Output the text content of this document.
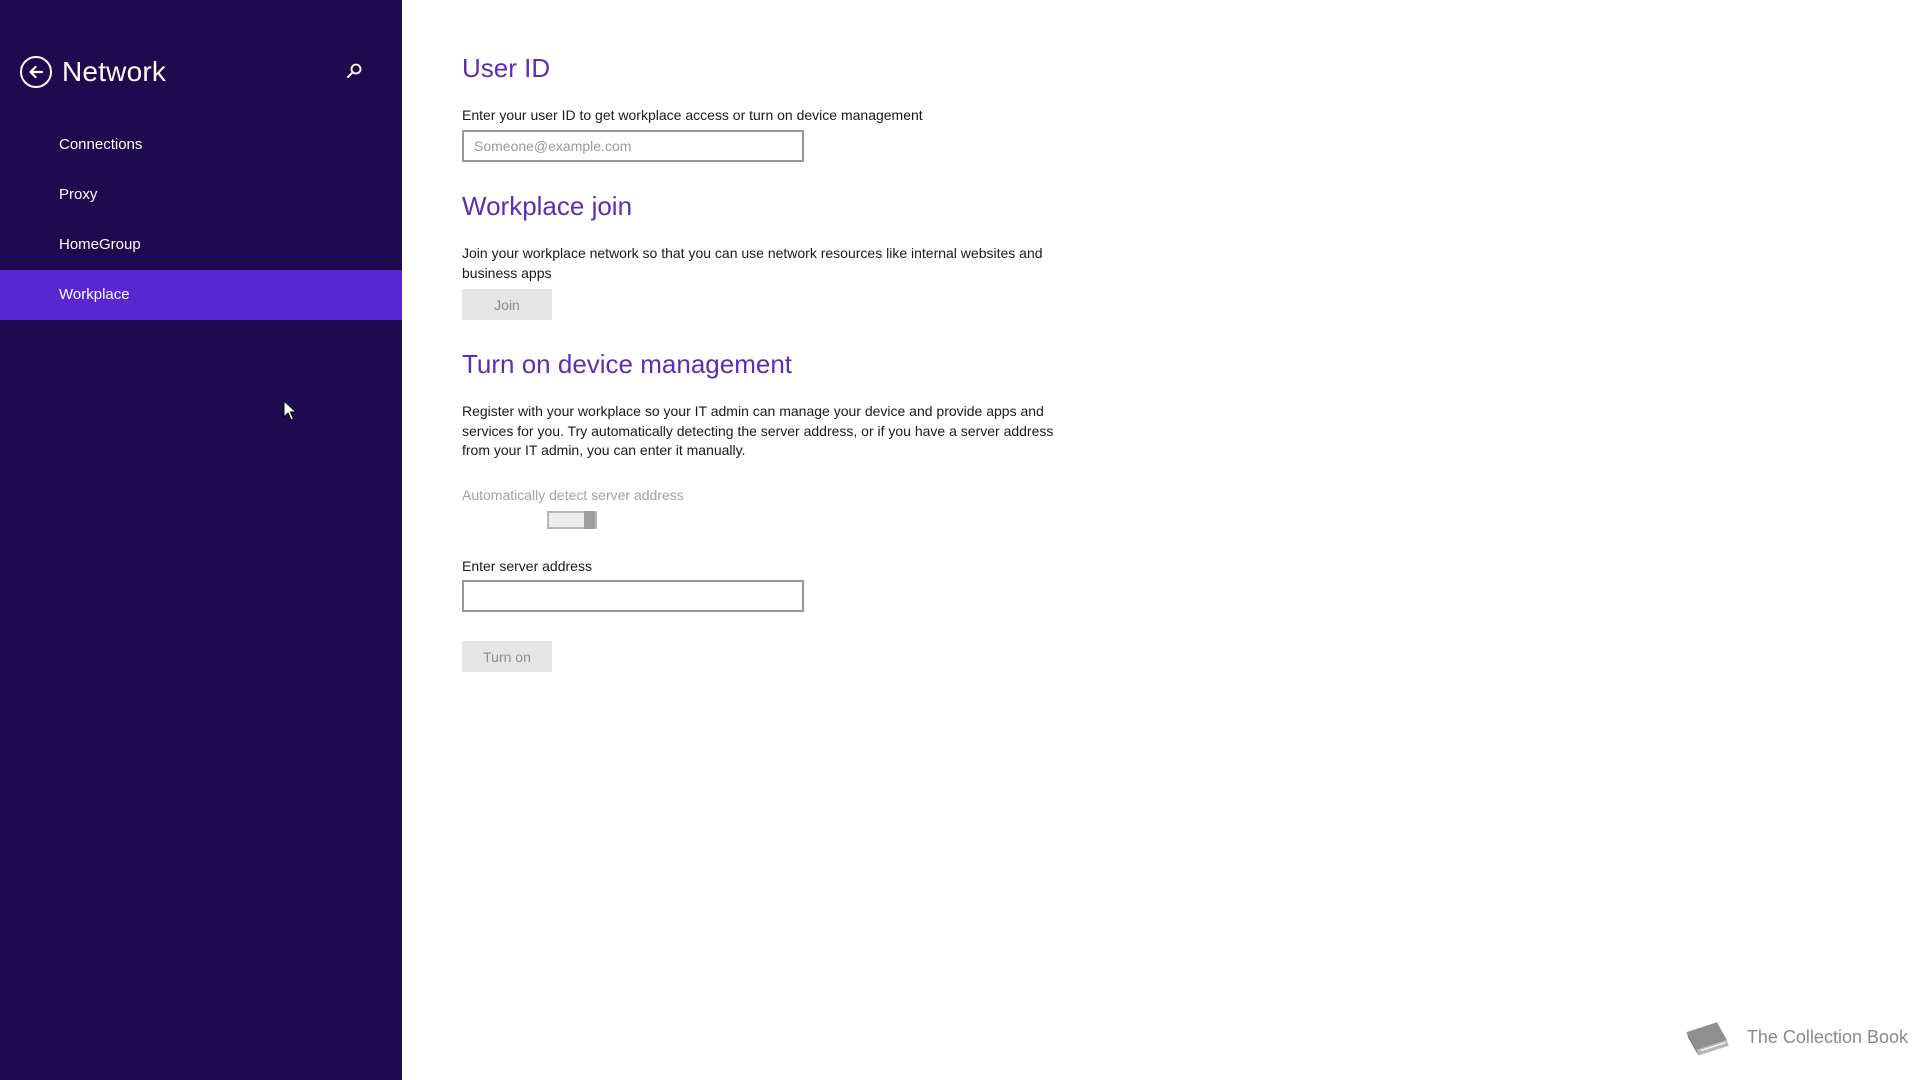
Network
Connections
Proxy
HomeGroup
Workplace
User ID
Enter your user ID to get workplace access or turn on device management
Someone@example.com
Workplace join
Join your workplace network so that you can use network resources like internal websites and business apps
Join
Turn on device management
Register with your workplace so your IT admin can manage your device and provide apps and services for you. Try automatically detecting the server address, or if you have a server address from your IT admin, you can enter it manually.
Automatically detect server address
Enter server address
Turn on
The Collection Book
